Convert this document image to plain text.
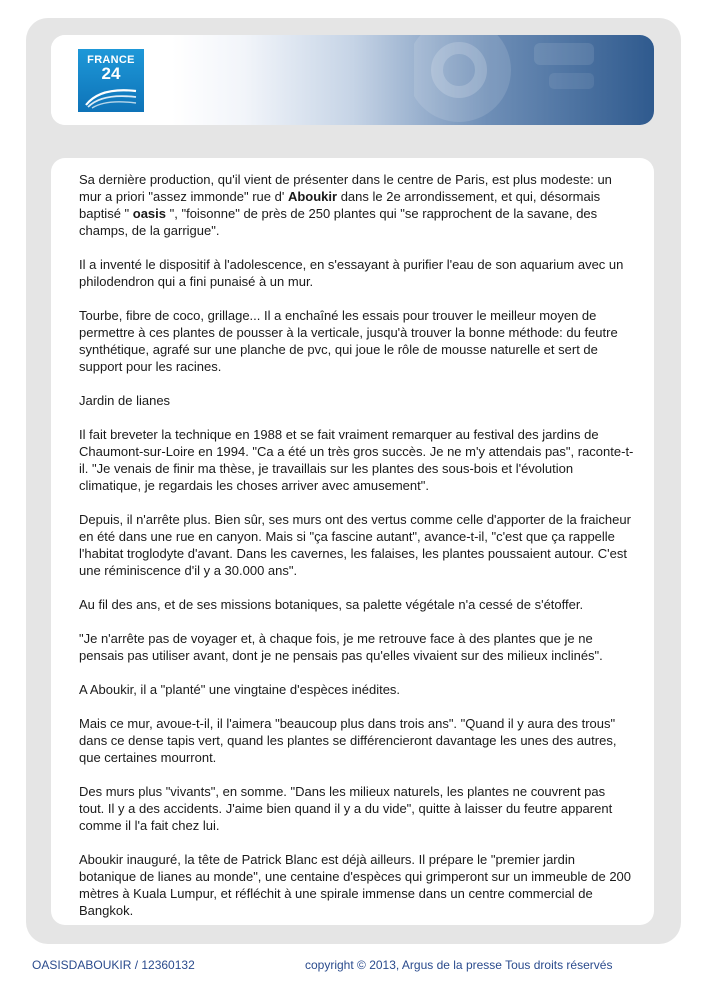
FRANCE
24

Sa dernière production, qu'il vient de présenter dans le centre de Paris, est plus modeste: un mur a priori "assez immonde" rue d' Aboukir dans le 2e arrondissement, et qui, désormais baptisé " oasis ", "foisonne" de près de 250 plantes qui "se rapprochent de la savane, des champs, de la garrigue".

Il a inventé le dispositif à l'adolescence, en s'essayant à purifier l'eau de son aquarium avec un philodendron qui a fini punaisé à un mur.

Tourbe, fibre de coco, grillage... Il a enchaîné les essais pour trouver le meilleur moyen de permettre à ces plantes de pousser à la verticale, jusqu'à trouver la bonne méthode: du feutre synthétique, agrafé sur une planche de pvc, qui joue le rôle de mousse naturelle et sert de support pour les racines.

Jardin de lianes

Il fait breveter la technique en 1988 et se fait vraiment remarquer au festival des jardins de Chaumont-sur-Loire en 1994. "Ca a été un très gros succès. Je ne m'y attendais pas", raconte-t-il. "Je venais de finir ma thèse, je travaillais sur les plantes des sous-bois et l'évolution climatique, je regardais les choses arriver avec amusement".

Depuis, il n'arrête plus. Bien sûr, ses murs ont des vertus comme celle d'apporter de la fraicheur en été dans une rue en canyon. Mais si "ça fascine autant", avance-t-il, "c'est que ça rappelle l'habitat troglodyte d'avant. Dans les cavernes, les falaises, les plantes poussaient autour. C'est une réminiscence d'il y a 30.000 ans".

Au fil des ans, et de ses missions botaniques, sa palette végétale n'a cessé de s'étoffer.

"Je n'arrête pas de voyager et, à chaque fois, je me retrouve face à des plantes que je ne pensais pas utiliser avant, dont je ne pensais pas qu'elles vivaient sur des milieux inclinés".

A Aboukir, il a "planté" une vingtaine d'espèces inédites.

Mais ce mur, avoue-t-il, il l'aimera "beaucoup plus dans trois ans". "Quand il y aura des trous" dans ce dense tapis vert, quand les plantes se différencieront davantage les unes des autres, que certaines mourront.

Des murs plus "vivants", en somme. "Dans les milieux naturels, les plantes ne couvrent pas tout. Il y a des accidents. J'aime bien quand il y a du vide", quitte à laisser du feutre apparent comme il l'a fait chez lui.

Aboukir inauguré, la tête de Patrick Blanc est déjà ailleurs. Il prépare le "premier jardin botanique de lianes au monde", une centaine d'espèces qui grimperont sur un immeuble de 200 mètres à Kuala Lumpur, et réfléchit à une spirale immense dans un centre commercial de Bangkok.

OASISDABOUKIR / 12360132	copyright © 2013, Argus de la presse Tous droits réservés
